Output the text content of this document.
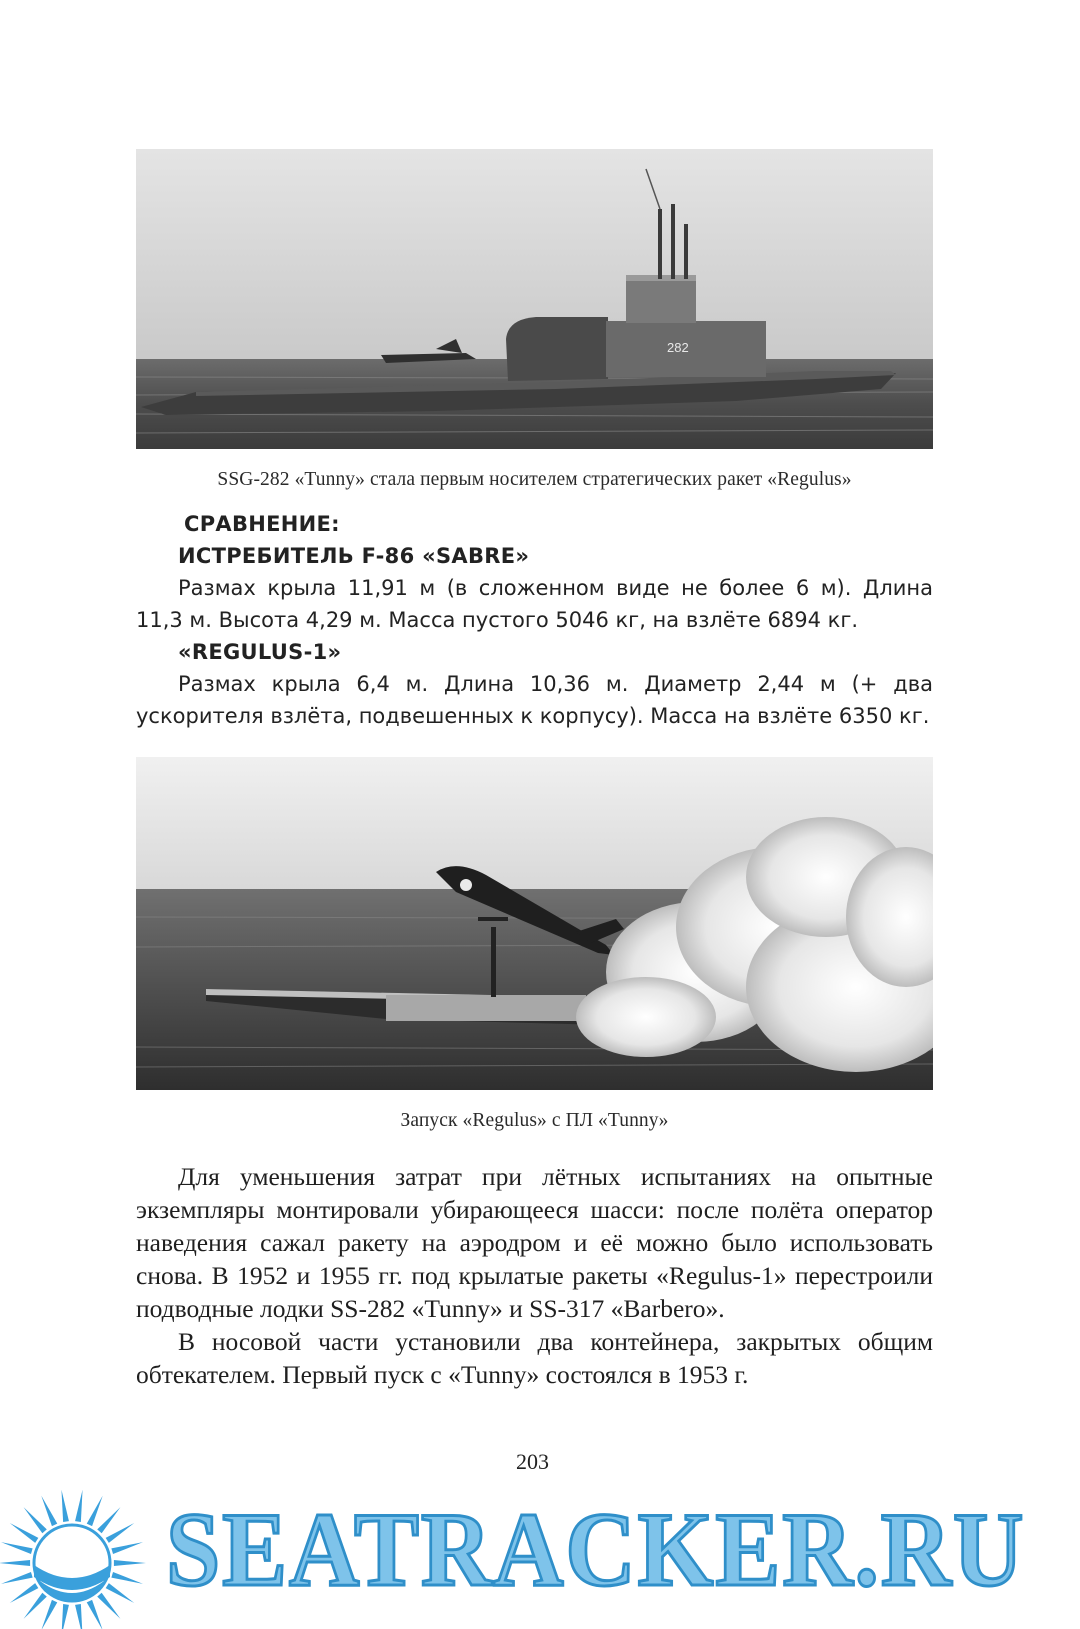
282
SSG-282 «Tunny» стала первым носителем стратегических ракет «Regulus»
СРАВНЕНИЕ:
ИСТРЕБИТЕЛЬ F-86 «SABRE»
Размах крыла 11,91 м (в сложенном виде не более 6 м). Длина 11,3 м. Высота 4,29 м. Масса пустого 5046 кг, на взлёте 6894 кг.
«REGULUS-1»
Размах крыла 6,4 м. Длина 10,36 м. Диаметр 2,44 м (+ два ускорителя взлёта, подвешенных к корпусу). Масса на взлёте 6350 кг.
Запуск «Regulus» с ПЛ «Tunny»
Для уменьшения затрат при лётных испытаниях на опытные экземпляры монтировали убирающееся шасси: после полёта оператор наведения сажал ракету на аэродром и её можно было использовать снова. В 1952 и 1955 гг. под крылатые ракеты «Regulus-1» перестроили подводные лодки SS-282 «Tunny» и SS-317 «Barbero».
В носовой части установили два контейнера, закрытых общим обтекателем. Первый пуск с «Tunny» состоялся в 1953 г.
203
SEATRACKER.RU
